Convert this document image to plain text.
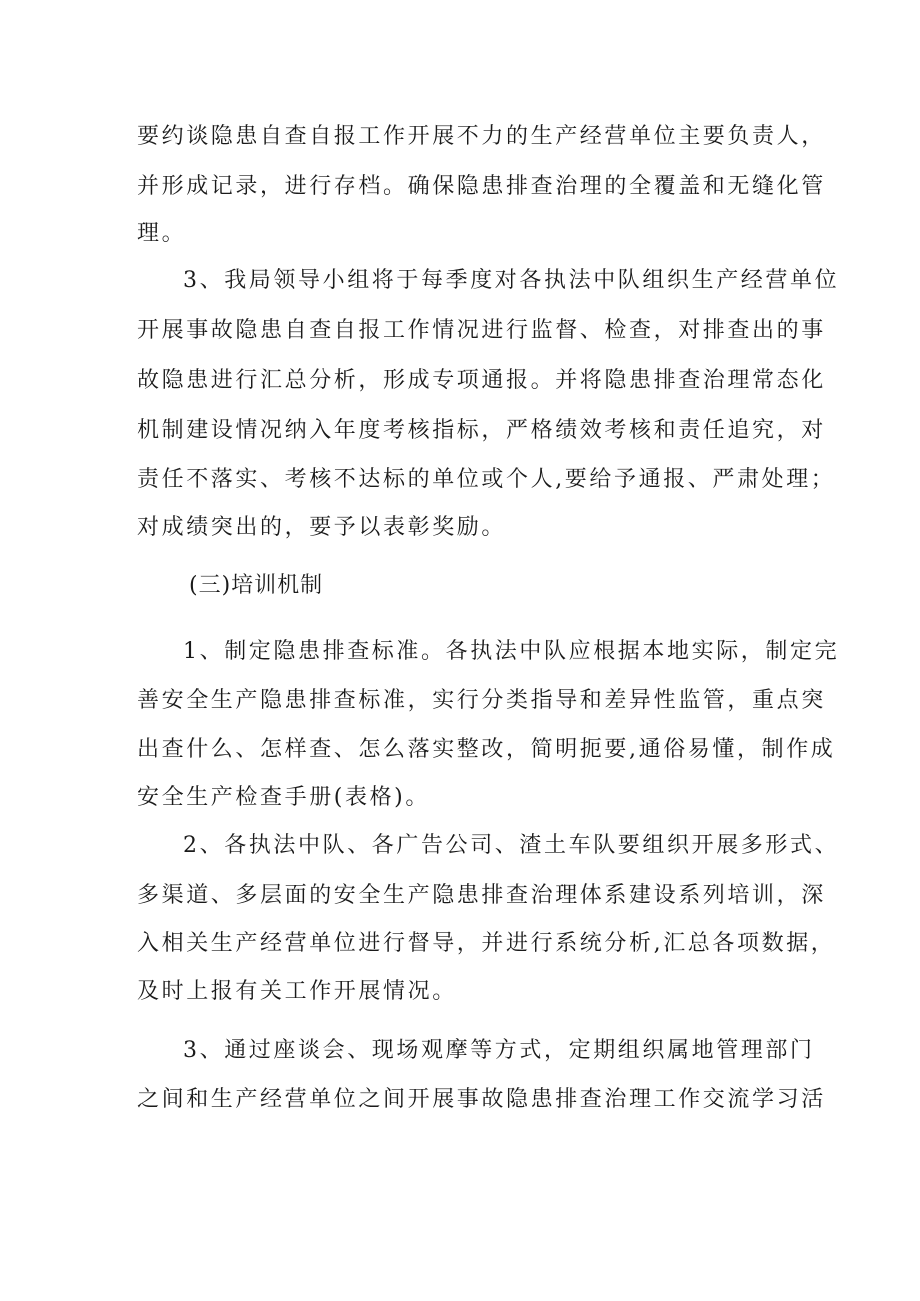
要约谈隐患自查自报工作开展不力的生产经营单位主要负责人，
并形成记录，进行存档。确保隐患排查治理的全覆盖和无缝化管
理。
3、我局领导小组将于每季度对各执法中队组织生产经营单位
开展事故隐患自查自报工作情况进行监督、检查，对排查出的事
故隐患进行汇总分析，形成专项通报。并将隐患排查治理常态化
机制建设情况纳入年度考核指标，严格绩效考核和责任追究，对
责任不落实、考核不达标的单位或个人,要给予通报、严肃处理；
对成绩突出的，要予以表彰奖励。
(三)培训机制
1、制定隐患排查标准。各执法中队应根据本地实际，制定完
善安全生产隐患排查标准，实行分类指导和差异性监管，重点突
出查什么、怎样查、怎么落实整改，简明扼要,通俗易懂，制作成
安全生产检查手册(表格)。
2、各执法中队、各广告公司、渣土车队要组织开展多形式、
多渠道、多层面的安全生产隐患排查治理体系建设系列培训，深
入相关生产经营单位进行督导，并进行系统分析,汇总各项数据，
及时上报有关工作开展情况。
3、通过座谈会、现场观摩等方式，定期组织属地管理部门
之间和生产经营单位之间开展事故隐患排查治理工作交流学习活
